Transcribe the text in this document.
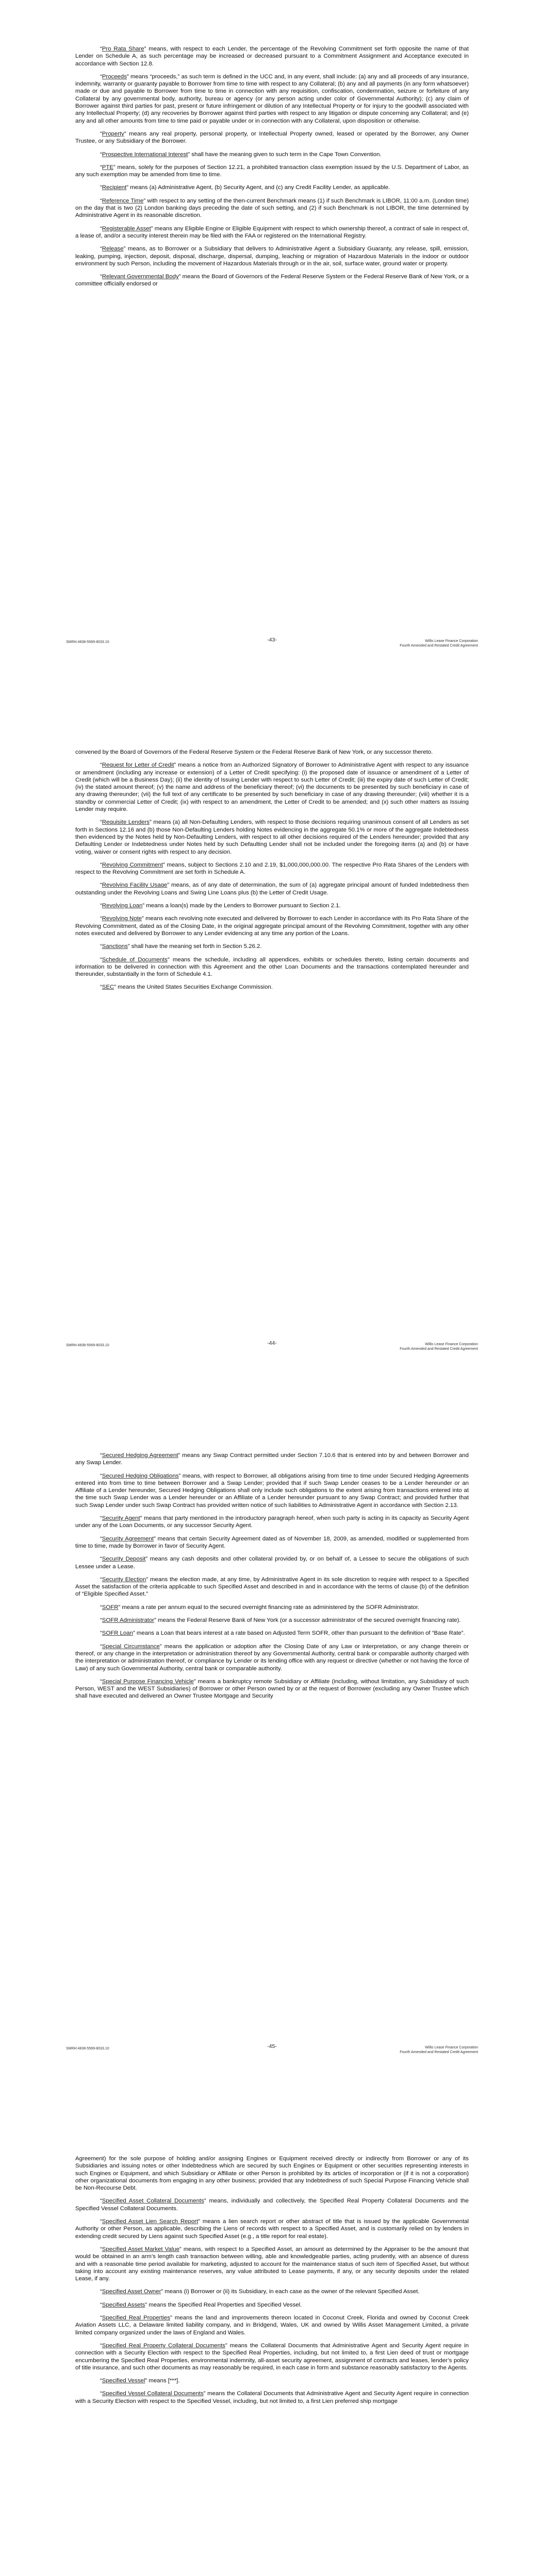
“Pro Rata Share” means, with respect to each Lender, the percentage of the Revolving Commitment set forth opposite the name of that Lender on Schedule A, as such percentage may be increased or decreased pursuant to a Commitment Assignment and Acceptance executed in accordance with Section 12.8.

“Proceeds” means “proceeds,” as such term is defined in the UCC and, in any event, shall include: (a) any and all proceeds of any insurance, indemnity, warranty or guaranty payable to Borrower from time to time with respect to any Collateral; (b) any and all payments (in any form whatsoever) made or due and payable to Borrower from time to time in connection with any requisition, confiscation, condemnation, seizure or forfeiture of any Collateral by any governmental body, authority, bureau or agency (or any person acting under color of Governmental Authority); (c) any claim of Borrower against third parties for past, present or future infringement or dilution of any Intellectual Property or for injury to the goodwill associated with any Intellectual Property; (d) any recoveries by Borrower against third parties with respect to any litigation or dispute concerning any Collateral; and (e) any and all other amounts from time to time paid or payable under or in connection with any Collateral, upon disposition or otherwise.

“Property” means any real property, personal property, or Intellectual Property owned, leased or operated by the Borrower, any Owner Trustee, or any Subsidiary of the Borrower.

“Prospective International Interest” shall have the meaning given to such term in the Cape Town Convention.

“PTE” means, solely for the purposes of Section 12.21, a prohibited transaction class exemption issued by the U.S. Department of Labor, as any such exemption may be amended from time to time.

“Recipient” means (a) Administrative Agent, (b) Security Agent, and (c) any Credit Facility Lender, as applicable.

“Reference Time” with respect to any setting of the then-current Benchmark means (1) if such Benchmark is LIBOR, 11:00 a.m. (London time) on the day that is two (2) London banking days preceding the date of such setting, and (2) if such Benchmark is not LIBOR, the time determined by Administrative Agent in its reasonable discretion.

“Registerable Asset” means any Eligible Engine or Eligible Equipment with respect to which ownership thereof, a contract of sale in respect of, a lease of, and/or a security interest therein may be filed with the FAA or registered on the International Registry.

“Release” means, as to Borrower or a Subsidiary that delivers to Administrative Agent a Subsidiary Guaranty, any release, spill, emission, leaking, pumping, injection, deposit, disposal, discharge, dispersal, dumping, leaching or migration of Hazardous Materials in the indoor or outdoor environment by such Person, including the movement of Hazardous Materials through or in the air, soil, surface water, ground water or property.

“Relevant Governmental Body” means the Board of Governors of the Federal Reserve System or the Federal Reserve Bank of New York, or a committee officially endorsed or

SMRH:4838-5569-8033.10	-43-	Willis Lease Finance Corporation
Fourth Amended and Restated Credit Agreement

convened by the Board of Governors of the Federal Reserve System or the Federal Reserve Bank of New York, or any successor thereto.

“Request for Letter of Credit” means a notice from an Authorized Signatory of Borrower to Administrative Agent with respect to any issuance or amendment (including any increase or extension) of a Letter of Credit specifying: (i) the proposed date of issuance or amendment of a Letter of Credit (which will be a Business Day); (ii) the identity of Issuing Lender with respect to such Letter of Credit; (iii) the expiry date of such Letter of Credit; (iv) the stated amount thereof; (v) the name and address of the beneficiary thereof; (vi) the documents to be presented by such beneficiary in case of any drawing thereunder; (vii) the full text of any certificate to be presented by such beneficiary in case of any drawing thereunder; (viii) whether it is a standby or commercial Letter of Credit; (ix) with respect to an amendment, the Letter of Credit to be amended; and (x) such other matters as Issuing Lender may require.

“Requisite Lenders” means (a) all Non-Defaulting Lenders, with respect to those decisions requiring unanimous consent of all Lenders as set forth in Sections 12.16 and (b) those Non-Defaulting Lenders holding Notes evidencing in the aggregate 50.1% or more of the aggregate Indebtedness then evidenced by the Notes held by Non-Defaulting Lenders, with respect to all other decisions required of the Lenders hereunder; provided that any Defaulting Lender or Indebtedness under Notes held by such Defaulting Lender shall not be included under the foregoing items (a) and (b) or have voting, waiver or consent rights with respect to any decision.

“Revolving Commitment” means, subject to Sections 2.10 and 2.19, $1,000,000,000.00. The respective Pro Rata Shares of the Lenders with respect to the Revolving Commitment are set forth in Schedule A.

“Revolving Facility Usage” means, as of any date of determination, the sum of (a) aggregate principal amount of funded Indebtedness then outstanding under the Revolving Loans and Swing Line Loans plus (b) the Letter of Credit Usage.

“Revolving Loan” means a loan(s) made by the Lenders to Borrower pursuant to Section 2.1.

“Revolving Note” means each revolving note executed and delivered by Borrower to each Lender in accordance with its Pro Rata Share of the Revolving Commitment, dated as of the Closing Date, in the original aggregate principal amount of the Revolving Commitment, together with any other notes executed and delivered by Borrower to any Lender evidencing at any time any portion of the Loans.

“Sanctions” shall have the meaning set forth in Section 5.26.2.

“Schedule of Documents” means the schedule, including all appendices, exhibits or schedules thereto, listing certain documents and information to be delivered in connection with this Agreement and the other Loan Documents and the transactions contemplated hereunder and thereunder, substantially in the form of Schedule 4.1.

“SEC” means the United States Securities Exchange Commission.

SMRH:4838-5569-8033.10	-44-	Willis Lease Finance Corporation
Fourth Amended and Restated Credit Agreement

“Secured Hedging Agreement” means any Swap Contract permitted under Section 7.10.6 that is entered into by and between Borrower and any Swap Lender.

“Secured Hedging Obligations” means, with respect to Borrower, all obligations arising from time to time under Secured Hedging Agreements entered into from time to time between Borrower and a Swap Lender; provided that if such Swap Lender ceases to be a Lender hereunder or an Affiliate of a Lender hereunder, Secured Hedging Obligations shall only include such obligations to the extent arising from transactions entered into at the time such Swap Lender was a Lender hereunder or an Affiliate of a Lender hereunder pursuant to any Swap Contract; and provided further that such Swap Lender under such Swap Contract has provided written notice of such liabilities to Administrative Agent in accordance with Section 2.13.

“Security Agent” means that party mentioned in the introductory paragraph hereof, when such party is acting in its capacity as Security Agent under any of the Loan Documents, or any successor Security Agent.

“Security Agreement” means that certain Security Agreement dated as of November 18, 2009, as amended, modified or supplemented from time to time, made by Borrower in favor of Security Agent.

“Security Deposit” means any cash deposits and other collateral provided by, or on behalf of, a Lessee to secure the obligations of such Lessee under a Lease.

“Security Election” means the election made, at any time, by Administrative Agent in its sole discretion to require with respect to a Specified Asset the satisfaction of the criteria applicable to such Specified Asset and described in and in accordance with the terms of clause (b) of the definition of “Eligible Specified Asset.”

“SOFR” means a rate per annum equal to the secured overnight financing rate as administered by the SOFR Administrator.

“SOFR Administrator” means the Federal Reserve Bank of New York (or a successor administrator of the secured overnight financing rate).

“SOFR Loan” means a Loan that bears interest at a rate based on Adjusted Term SOFR, other than pursuant to the definition of “Base Rate”.

“Special Circumstance” means the application or adoption after the Closing Date of any Law or interpretation, or any change therein or thereof, or any change in the interpretation or administration thereof by any Governmental Authority, central bank or comparable authority charged with the interpretation or administration thereof, or compliance by Lender or its lending office with any request or directive (whether or not having the force of Law) of any such Governmental Authority, central bank or comparable authority.

“Special Purpose Financing Vehicle” means a bankruptcy remote Subsidiary or Affiliate (including, without limitation, any Subsidiary of such Person, WEST and the WEST Subsidiaries) of Borrower or other Person owned by or at the request of Borrower (excluding any Owner Trustee which shall have executed and delivered an Owner Trustee Mortgage and Security

SMRH:4838-5569-8033.10	-45-	Willis Lease Finance Corporation
Fourth Amended and Restated Credit Agreement

Agreement) for the sole purpose of holding and/or assigning Engines or Equipment received directly or indirectly from Borrower or any of its Subsidiaries and issuing notes or other Indebtedness which are secured by such Engines or Equipment or other securities representing interests in such Engines or Equipment, and which Subsidiary or Affiliate or other Person is prohibited by its articles of incorporation or (if it is not a corporation) other organizational documents from engaging in any other business; provided that any Indebtedness of such Special Purpose Financing Vehicle shall be Non-Recourse Debt.

“Specified Asset Collateral Documents” means, individually and collectively, the Specified Real Property Collateral Documents and the Specified Vessel Collateral Documents.

“Specified Asset Lien Search Report” means a lien search report or other abstract of title that is issued by the applicable Governmental Authority or other Person, as applicable, describing the Liens of records with respect to a Specified Asset, and is customarily relied on by lenders in extending credit secured by Liens against such Specified Asset (e.g., a title report for real estate).

“Specified Asset Market Value” means, with respect to a Specified Asset, an amount as determined by the Appraiser to be the amount that would be obtained in an arm’s length cash transaction between willing, able and knowledgeable parties, acting prudently, with an absence of duress and with a reasonable time period available for marketing, adjusted to account for the maintenance status of such item of Specified Asset, but without taking into account any existing maintenance reserves, any value attributed to Lease payments, if any, or any security deposits under the related Lease, if any.

“Specified Asset Owner” means (i) Borrower or (ii) its Subsidiary, in each case as the owner of the relevant Specified Asset.

“Specified Assets” means the Specified Real Properties and Specified Vessel.

“Specified Real Properties” means the land and improvements thereon located in Coconut Creek, Florida and owned by Coconut Creek Aviation Assets LLC, a Delaware limited liability company, and in Bridgend, Wales, UK and owned by Willis Asset Management Limited, a private limited company organized under the laws of England and Wales.

“Specified Real Property Collateral Documents” means the Collateral Documents that Administrative Agent and Security Agent require in connection with a Security Election with respect to the Specified Real Properties, including, but not limited to, a first Lien deed of trust or mortgage encumbering the Specified Real Properties, environmental indemnity, all-asset security agreement, assignment of contracts and leases, lender’s policy of title insurance, and such other documents as may reasonably be required, in each case in form and substance reasonably satisfactory to the Agents.

“Specified Vessel” means [***].

“Specified Vessel Collateral Documents” means the Collateral Documents that Administrative Agent and Security Agent require in connection with a Security Election with respect to the Specified Vessel, including, but not limited to, a first Lien preferred ship mortgage
